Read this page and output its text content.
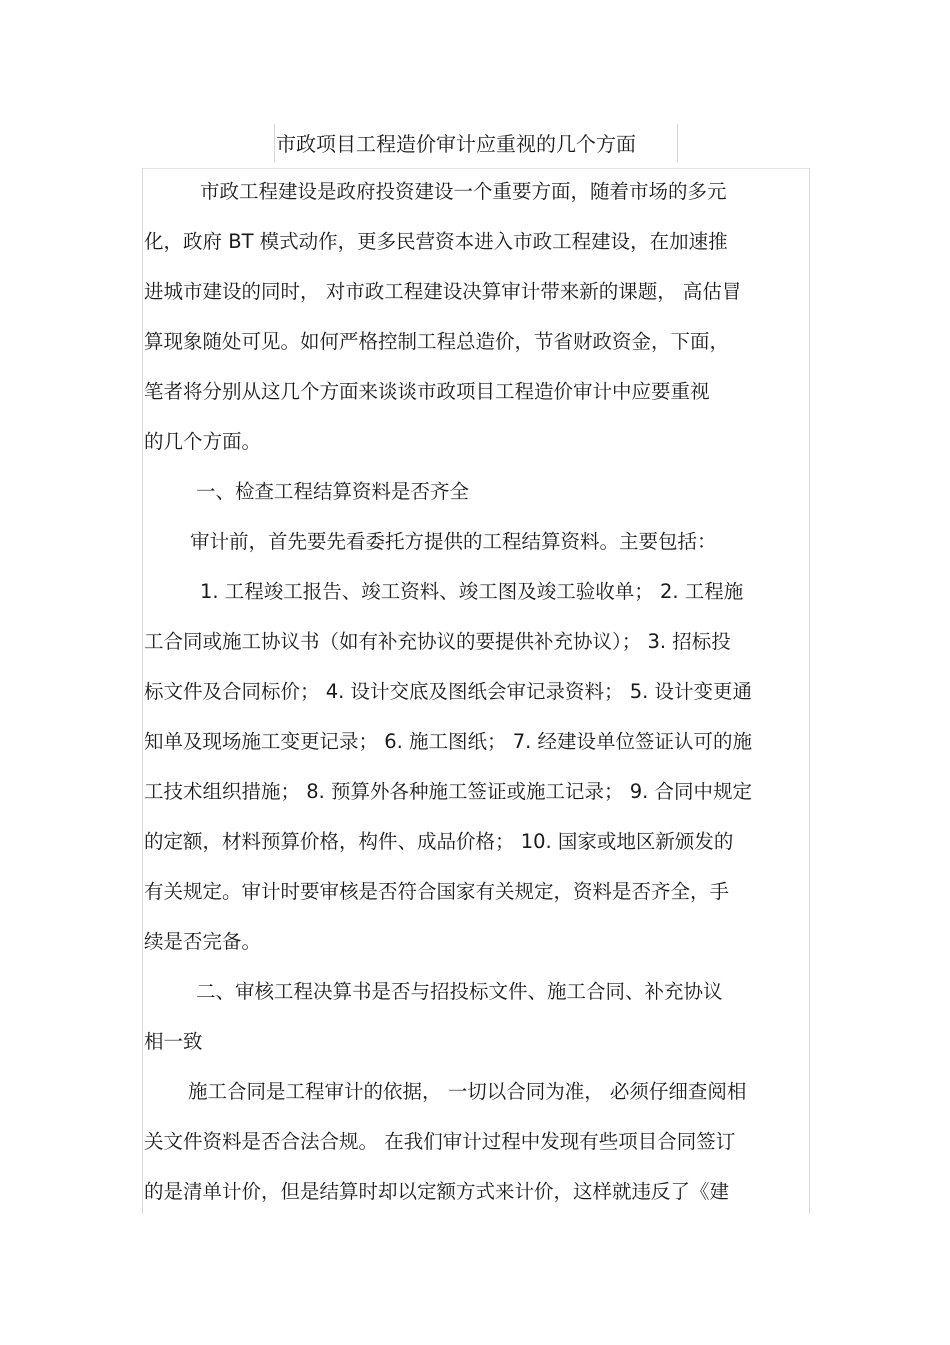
市政项目工程造价审计应重视的几个方面
市政工程建设是政府投资建设一个重要方面，随着市场的多元
化，政府 BT 模式动作，更多民营资本进入市政工程建设，在加速推
进城市建设的同时， 对市政工程建设决算审计带来新的课题， 高估冒
算现象随处可见。如何严格控制工程总造价，节省财政资金，下面，
笔者将分别从这几个方面来谈谈市政项目工程造价审计中应要重视
的几个方面。
一、检查工程结算资料是否齐全
审计前，首先要先看委托方提供的工程结算资料。主要包括：
1. 工程竣工报告、竣工资料、竣工图及竣工验收单； 2. 工程施
工合同或施工协议书（如有补充协议的要提供补充协议）； 3. 招标投
标文件及合同标价； 4. 设计交底及图纸会审记录资料； 5. 设计变更通
知单及现场施工变更记录； 6. 施工图纸； 7. 经建设单位签证认可的施
工技术组织措施； 8. 预算外各种施工签证或施工记录； 9. 合同中规定
的定额，材料预算价格，构件、成品价格； 10. 国家或地区新颁发的
有关规定。审计时要审核是否符合国家有关规定，资料是否齐全，手
续是否完备。
二、审核工程决算书是否与招投标文件、施工合同、补充协议
相一致
施工合同是工程审计的依据， 一切以合同为准， 必须仔细查阅相
关文件资料是否合法合规。 在我们审计过程中发现有些项目合同签订
的是清单计价，但是结算时却以定额方式来计价，这样就违反了《建
